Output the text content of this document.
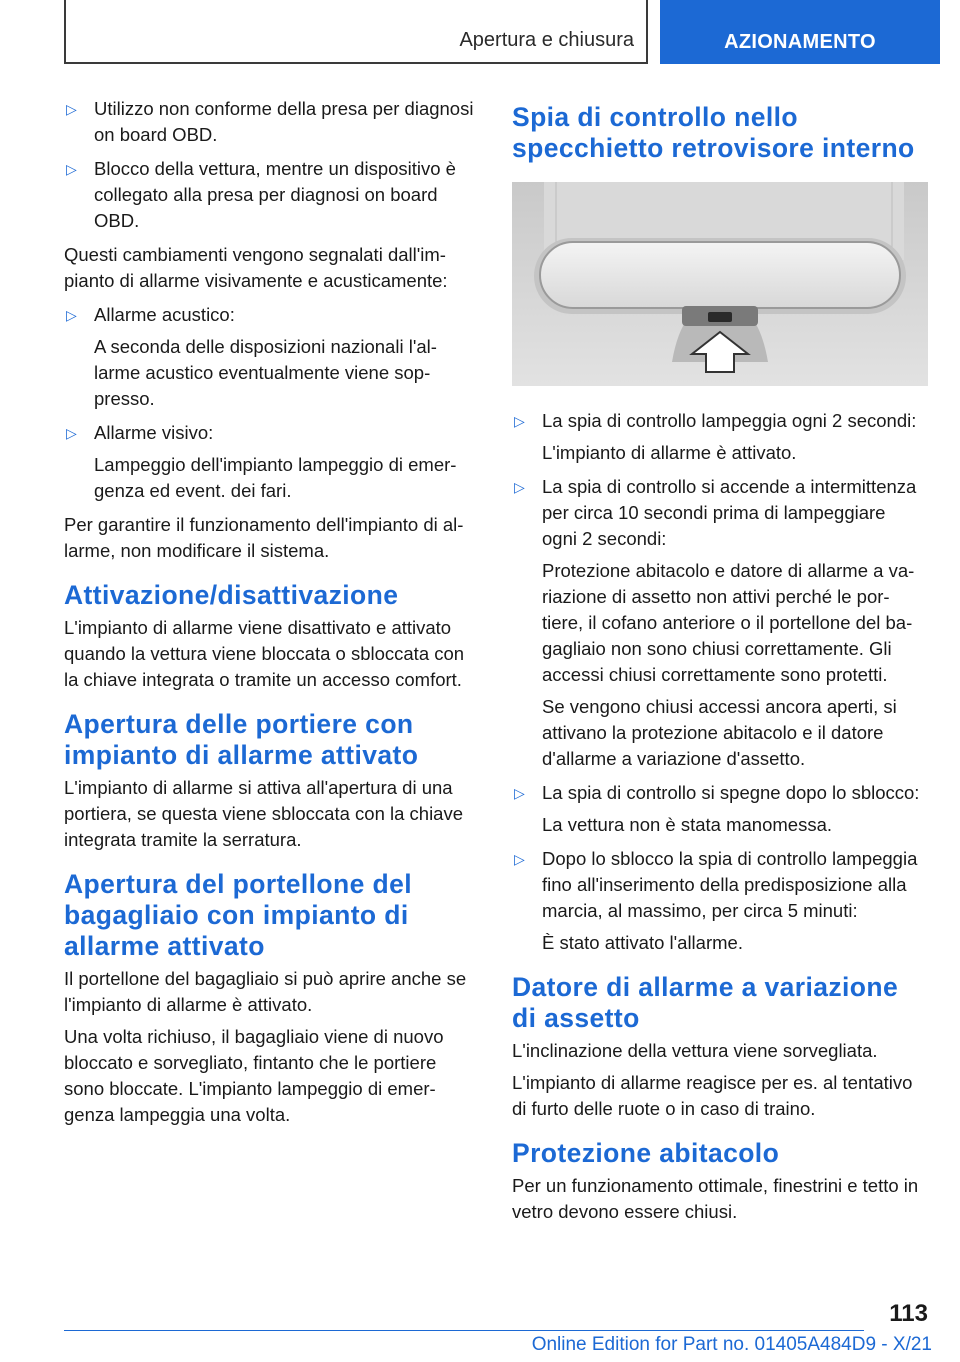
Apertura e chiusura	AZIONAMENTO
▷ Utilizzo non conforme della presa per diagnosi on board OBD.

▷ Blocco della vettura, mentre un dispositivo è collegato alla presa per diagnosi on board OBD.

Questi cambiamenti vengono segnalati dall'impianto di allarme visivamente e acusticamente:

▷ Allarme acustico:

A seconda delle disposizioni nazionali l'allarme acustico eventualmente viene soppresso.

▷ Allarme visivo:

Lampeggio dell'impianto lampeggio di emergenza ed event. dei fari.

Per garantire il funzionamento dell'impianto di allarme, non modificare il sistema.

Attivazione/disattivazione

L'impianto di allarme viene disattivato e attivato quando la vettura viene bloccata o sbloccata con la chiave integrata o tramite un accesso comfort.

Apertura delle portiere con impianto di allarme attivato

L'impianto di allarme si attiva all'apertura di una portiera, se questa viene sbloccata con la chiave integrata tramite la serratura.

Apertura del portellone del bagagliaio con impianto di allarme attivato

Il portellone del bagagliaio si può aprire anche se l'impianto di allarme è attivato.

Una volta richiuso, il bagagliaio viene di nuovo bloccato e sorvegliato, fintanto che le portiere sono bloccate. L'impianto lampeggio di emergenza lampeggia una volta.

Spia di controllo nello specchietto retrovisore interno
▷ La spia di controllo lampeggia ogni 2 secondi:

L'impianto di allarme è attivato.

▷ La spia di controllo si accende a intermittenza per circa 10 secondi prima di lampeggiare ogni 2 secondi:

Protezione abitacolo e datore di allarme a variazione di assetto non attivi perché le portiere, il cofano anteriore o il portellone del bagagliaio non sono chiusi correttamente. Gli accessi chiusi correttamente sono protetti.

Se vengono chiusi accessi ancora aperti, si attivano la protezione abitacolo e il datore d'allarme a variazione d'assetto.

▷ La spia di controllo si spegne dopo lo sblocco:

La vettura non è stata manomessa.

▷ Dopo lo sblocco la spia di controllo lampeggia fino all'inserimento della predisposizione alla marcia, al massimo, per circa 5 minuti:

È stato attivato l'allarme.

Datore di allarme a variazione di assetto

L'inclinazione della vettura viene sorvegliata.

L'impianto di allarme reagisce per es. al tentativo di furto delle ruote o in caso di traino.

Protezione abitacolo

Per un funzionamento ottimale, finestrini e tetto in vetro devono essere chiusi.

113
Online Edition for Part no. 01405A484D9 - X/21
